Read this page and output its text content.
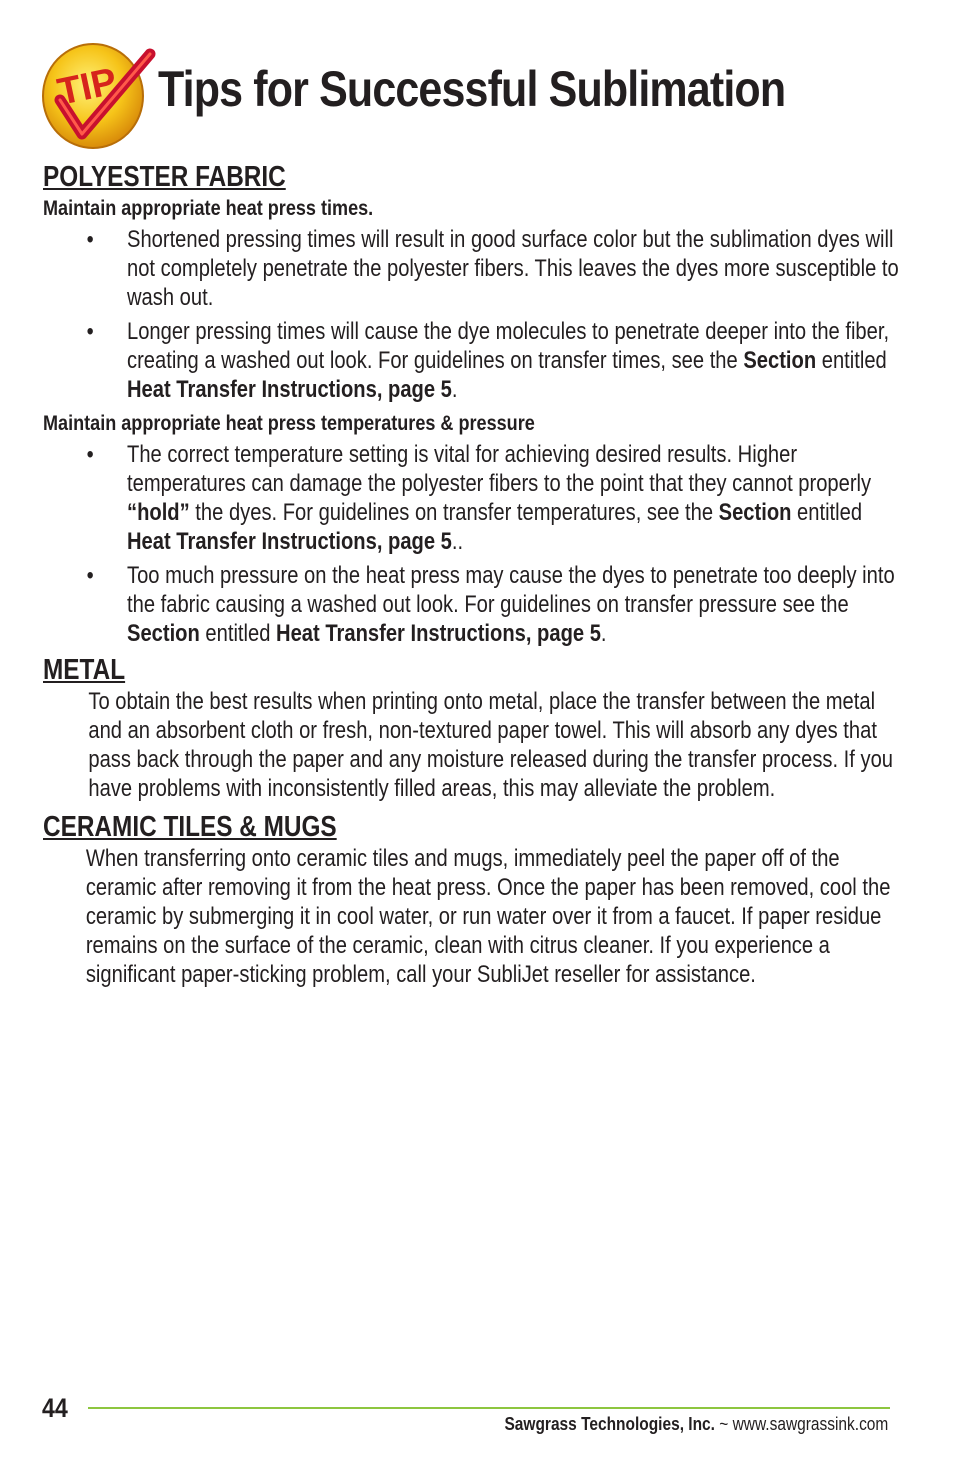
TIP Tips for Successful Sublimation
POLYESTER FABRIC
Maintain appropriate heat press times.
• Shortened pressing times will result in good surface color but the sublimation dyes will not completely penetrate the polyester fibers. This leaves the dyes more susceptible to wash out.
• Longer pressing times will cause the dye molecules to penetrate deeper into the fiber, creating a washed out look. For guidelines on transfer times, see the Section entitled Heat Transfer Instructions, page 5.
Maintain appropriate heat press temperatures & pressure
• The correct temperature setting is vital for achieving desired results. Higher temperatures can damage the polyester fibers to the point that they cannot properly “hold” the dyes. For guidelines on transfer temperatures, see the Section entitled Heat Transfer Instructions, page 5..
• Too much pressure on the heat press may cause the dyes to penetrate too deeply into the fabric causing a washed out look. For guidelines on transfer pressure see the Section entitled Heat Transfer Instructions, page 5.
METAL

To obtain the best results when printing onto metal, place the transfer between the metal and an absorbent cloth or fresh, non-textured paper towel. This will absorb any dyes that pass back through the paper and any moisture released during the transfer process. If you have problems with inconsistently filled areas, this may alleviate the problem.

CERAMIC TILES & MUGS

When transferring onto ceramic tiles and mugs, immediately peel the paper off of the ceramic after removing it from the heat press. Once the paper has been removed, cool the ceramic by submerging it in cool water, or run water over it from a faucet. If paper residue remains on the surface of the ceramic, clean with citrus cleaner. If you experience a significant paper-sticking problem, call your SubliJet reseller for assistance.

44
Sawgrass Technologies, Inc. ~ www.sawgrassink.com
